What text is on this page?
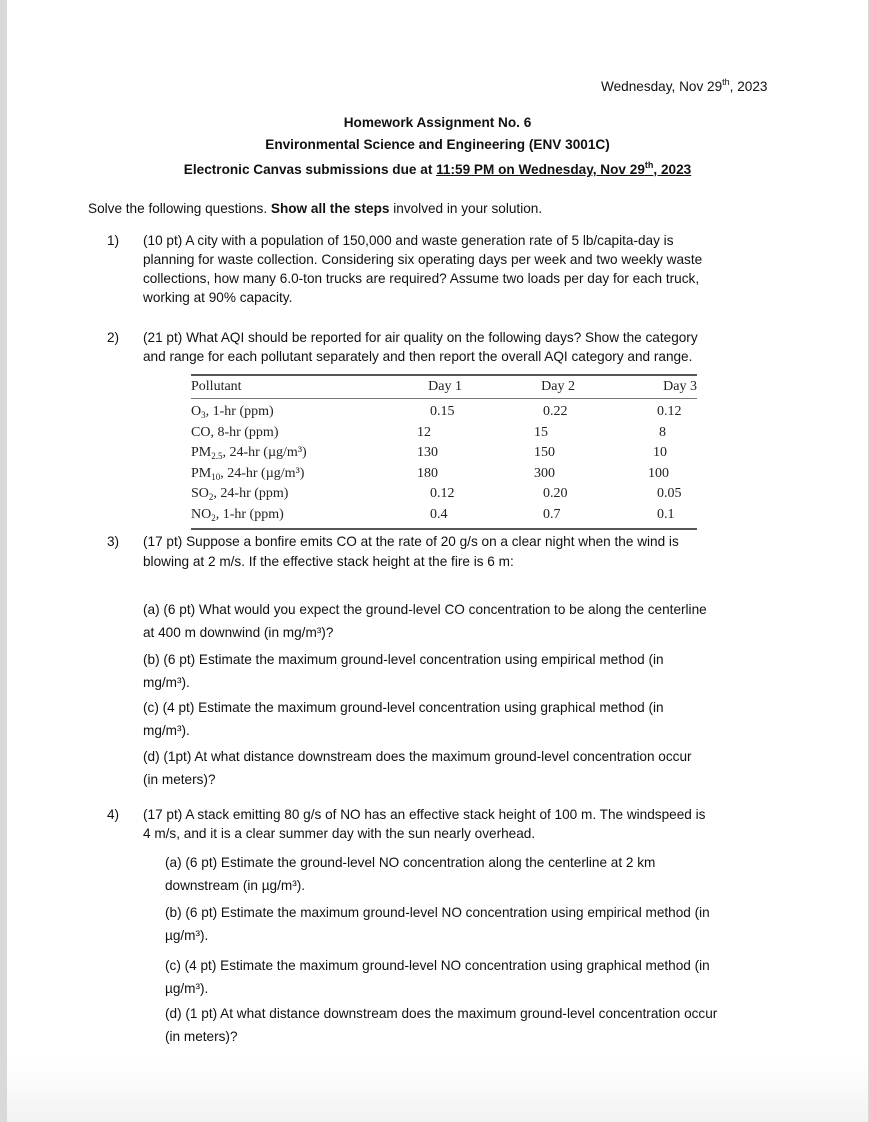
Wednesday, Nov 29th, 2023
Homework Assignment No. 6
Environmental Science and Engineering (ENV 3001C)
Electronic Canvas submissions due at 11:59 PM on Wednesday, Nov 29th, 2023
Solve the following questions. Show all the steps involved in your solution.
1) (10 pt) A city with a population of 150,000 and waste generation rate of 5 lb/capita-day is
planning for waste collection. Considering six operating days per week and two weekly waste
collections, how many 6.0-ton trucks are required? Assume two loads per day for each truck,
working at 90% capacity.
2) (21 pt) What AQI should be reported for air quality on the following days? Show the category
and range for each pollutant separately and then report the overall AQI category and range.
Pollutant	Day 1	Day 2	Day 3
$O_3$, 1-hr (ppm)	0.15	0.22	0.12
CO, 8-hr (ppm)	12	15	8
$PM_{2.5}$, 24-hr (µg/m³)	130	150	10
$PM_{10}$, 24-hr (µg/m³)	180	300	100
$SO_2$, 24-hr (ppm)	0.12	0.20	0.05
$NO_2$, 1-hr (ppm)	0.4	0.7	0.1
3) (17 pt) Suppose a bonfire emits CO at the rate of 20 g/s on a clear night when the wind is
blowing at 2 m/s. If the effective stack height at the fire is 6 m:
(a) (6 pt) What would you expect the ground-level CO concentration to be along the centerline
at 400 m downwind (in mg/m³)?
(b) (6 pt) Estimate the maximum ground-level concentration using empirical method (in
mg/m³).
(c) (4 pt) Estimate the maximum ground-level concentration using graphical method (in
mg/m³).
(d) (1pt) At what distance downstream does the maximum ground-level concentration occur
(in meters)?
4) (17 pt) A stack emitting 80 g/s of NO has an effective stack height of 100 m. The windspeed is
4 m/s, and it is a clear summer day with the sun nearly overhead.
(a) (6 pt) Estimate the ground-level NO concentration along the centerline at 2 km
downstream (in µg/m³).
(b) (6 pt) Estimate the maximum ground-level NO concentration using empirical method (in
µg/m³).
(c) (4 pt) Estimate the maximum ground-level NO concentration using graphical method (in
µg/m³).
(d) (1 pt) At what distance downstream does the maximum ground-level concentration occur
(in meters)?
